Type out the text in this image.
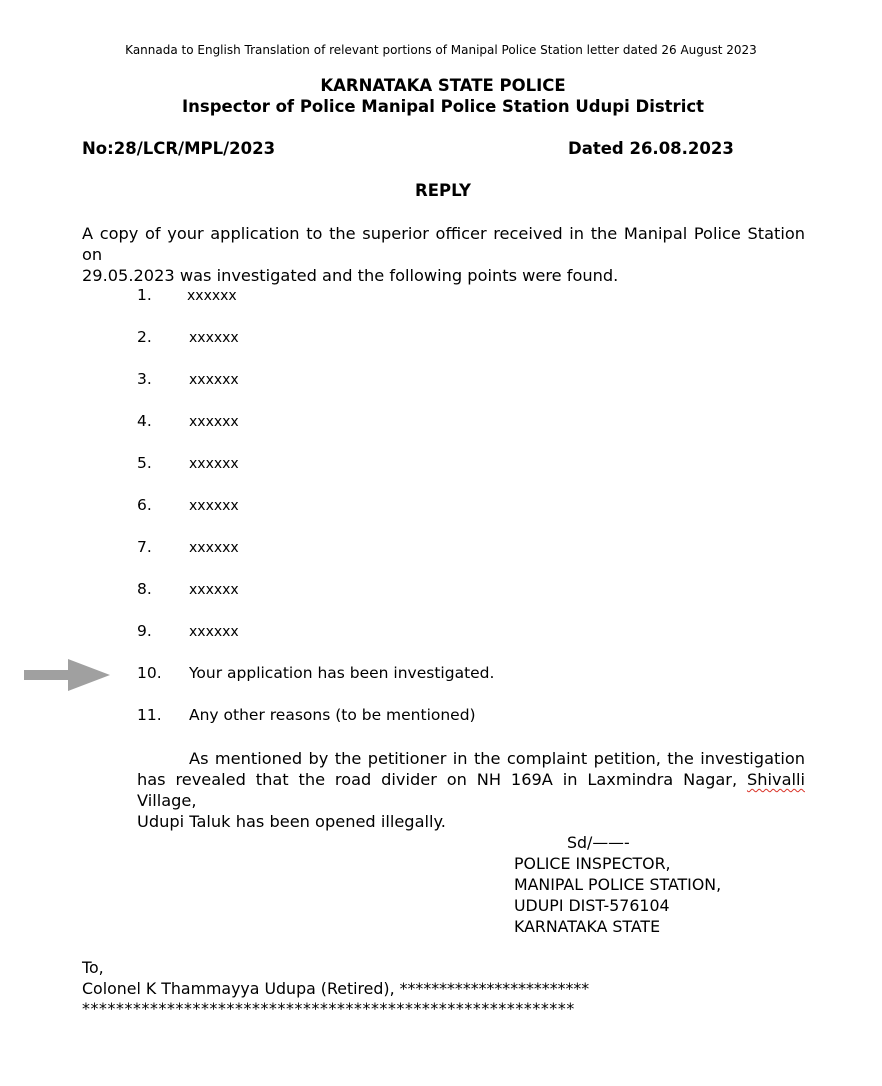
Kannada to English Translation of relevant portions of Manipal Police Station letter dated 26 August 2023
KARNATAKA STATE POLICE
Inspector of Police Manipal Police Station Udupi District
No:28/LCR/MPL/2023	Dated 26.08.2023
REPLY
A copy of your application to the superior officer received in the Manipal Police Station on
29.05.2023 was investigated and the following points were found.
1.	xxxxxx
2.	xxxxxx
3.	xxxxxx
4.	xxxxxx
5.	xxxxxx
6.	xxxxxx
7.	xxxxxx
8.	xxxxxx
9.	xxxxxx
10. Your application has been investigated.
11. Any other reasons (to be mentioned)
As mentioned by the petitioner in the complaint petition, the investigation
has revealed that the road divider on NH 169A in Laxmindra Nagar, Shivalli Village,
Udupi Taluk has been opened illegally.
Sd/——-
POLICE INSPECTOR,
MANIPAL POLICE STATION,
UDUPI DIST-576104
KARNATAKA STATE
To,
Colonel K Thammayya Udupa (Retired), ************************
**********************************************************
